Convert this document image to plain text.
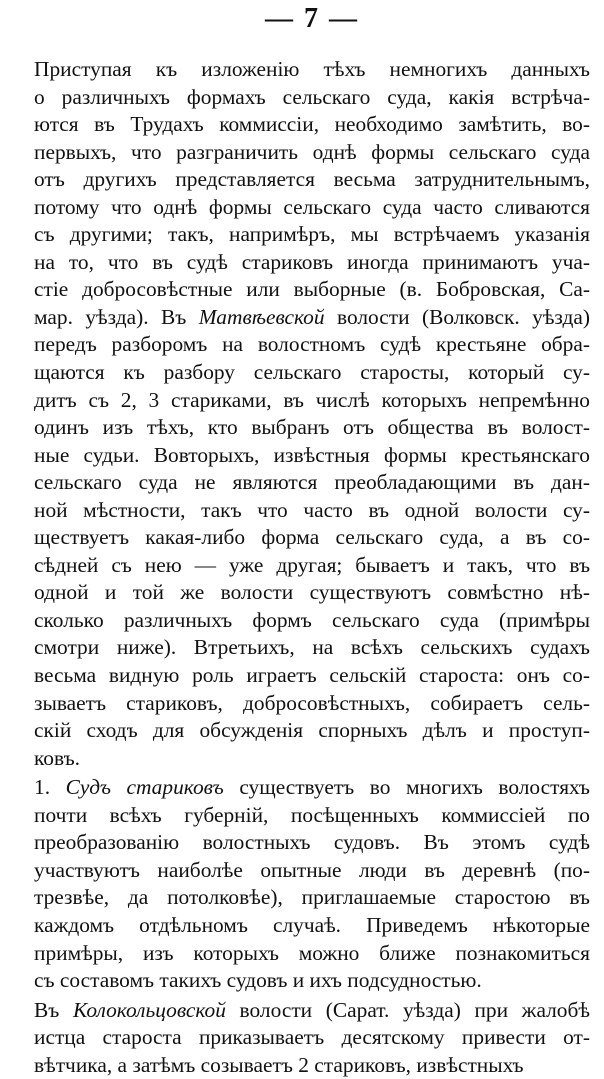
— 7 —
Приступая къ изложенію тѣхъ немногихъ данныхъ
о различныхъ формахъ сельскаго суда, какія встрѣча-
ются въ Трудахъ коммиссіи, необходимо замѣтить, во-
первыхъ, что разграничить однѣ формы сельскаго суда
отъ другихъ представляется весьма затруднительнымъ,
потому что однѣ формы сельскаго суда часто сливаются
съ другими; такъ, напримѣръ, мы встрѣчаемъ указанія
на то, что въ судѣ стариковъ иногда принимаютъ уча-
стіе добросовѣстные или выборные (в. Бобровская, Са-
мар. уѣзда). Въ Матвѣевской волости (Волковск. уѣзда)
передъ разборомъ на волостномъ судѣ крестьяне обра-
щаются къ разбору сельскаго старосты, который су-
дитъ съ 2, 3 стариками, въ числѣ которыхъ непремѣнно
одинъ изъ тѣхъ, кто выбранъ отъ общества въ волост-
ные судьи. Вовторыхъ, извѣстныя формы крестьянскаго
сельскаго суда не являются преобладающими въ дан-
ной мѣстности, такъ что часто въ одной волости су-
ществуетъ какая-либо форма сельскаго суда, а въ со-
сѣдней съ нею — уже другая; бываетъ и такъ, что въ
одной и той же волости существуютъ совмѣстно нѣ-
сколько различныхъ формъ сельскаго суда (примѣры
смотри ниже). Втретьихъ, на всѣхъ сельскихъ судахъ
весьма видную роль играетъ сельскій староста: онъ со-
зываетъ стариковъ, добросовѣстныхъ, собираетъ сель-
скій сходъ для обсужденія спорныхъ дѣлъ и проступ-
ковъ.
1. Судъ стариковъ существуетъ во многихъ волостяхъ
почти всѣхъ губерній, посѣщенныхъ коммиссіей по
преобразованію волостныхъ судовъ. Въ этомъ судѣ
участвуютъ наиболѣе опытные люди въ деревнѣ (по-
трезвѣе, да потолковѣе), приглашаемые старостою въ
каждомъ отдѣльномъ случаѣ. Приведемъ нѣкоторые
примѣры, изъ которыхъ можно ближе познакомиться
съ составомъ такихъ судовъ и ихъ подсудностью.
Въ Колокольцовской волости (Сарат. уѣзда) при жалобѣ
истца староста приказываетъ десятскому привести от-
вѣтчика, а затѣмъ созываетъ 2 стариковъ, извѣстныхъ
